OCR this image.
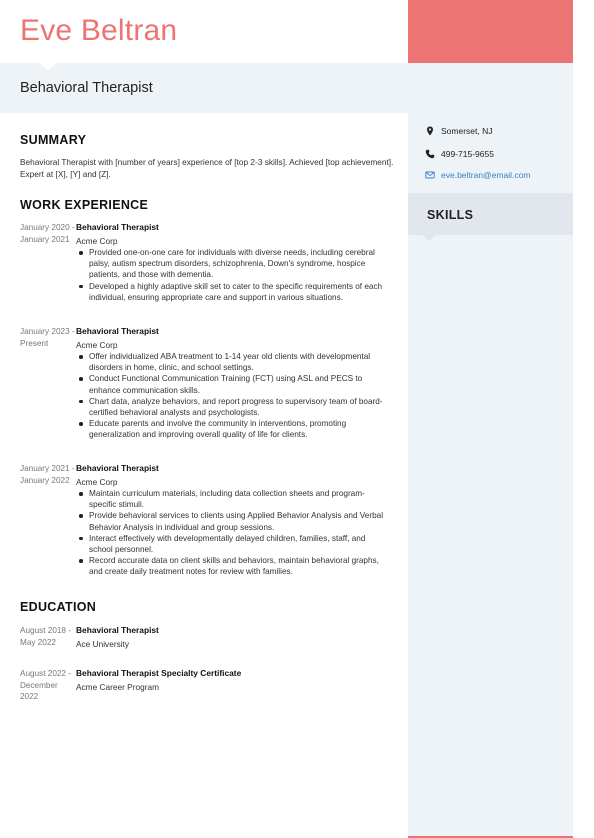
Eve Beltran
Behavioral Therapist
Somerset, NJ
499-715-9655
eve.beltran@email.com
SKILLS
SUMMARY
Behavioral Therapist with [number of years] experience of [top 2-3 skills]. Achieved [top achievement]. Expert at [X], [Y] and [Z].
WORK EXPERIENCE
January 2020 - January 2021
Behavioral Therapist
Acme Corp
Provided one-on-one care for individuals with diverse needs, including cerebral palsy, autism spectrum disorders, schizophrenia, Down's syndrome, hospice patients, and those with dementia.
Developed a highly adaptive skill set to cater to the specific requirements of each individual, ensuring appropriate care and support in various situations.
January 2023 - Present
Behavioral Therapist
Acme Corp
Offer individualized ABA treatment to 1-14 year old clients with developmental disorders in home, clinic, and school settings.
Conduct Functional Communication Training (FCT) using ASL and PECS to enhance communication skills.
Chart data, analyze behaviors, and report progress to supervisory team of board-certified behavioral analysts and psychologists.
Educate parents and involve the community in interventions, promoting generalization and improving overall quality of life for clients.
January 2021 - January 2022
Behavioral Therapist
Acme Corp
Maintain curriculum materials, including data collection sheets and program-specific stimuli.
Provide behavioral services to clients using Applied Behavior Analysis and Verbal Behavior Analysis in individual and group sessions.
Interact effectively with developmentally delayed children, families, staff, and school personnel.
Record accurate data on client skills and behaviors, maintain behavioral graphs, and create daily treatment notes for review with families.
EDUCATION
August 2018 - May 2022
Behavioral Therapist
Ace University
August 2022 - December 2022
Behavioral Therapist Specialty Certificate
Acme Career Program
